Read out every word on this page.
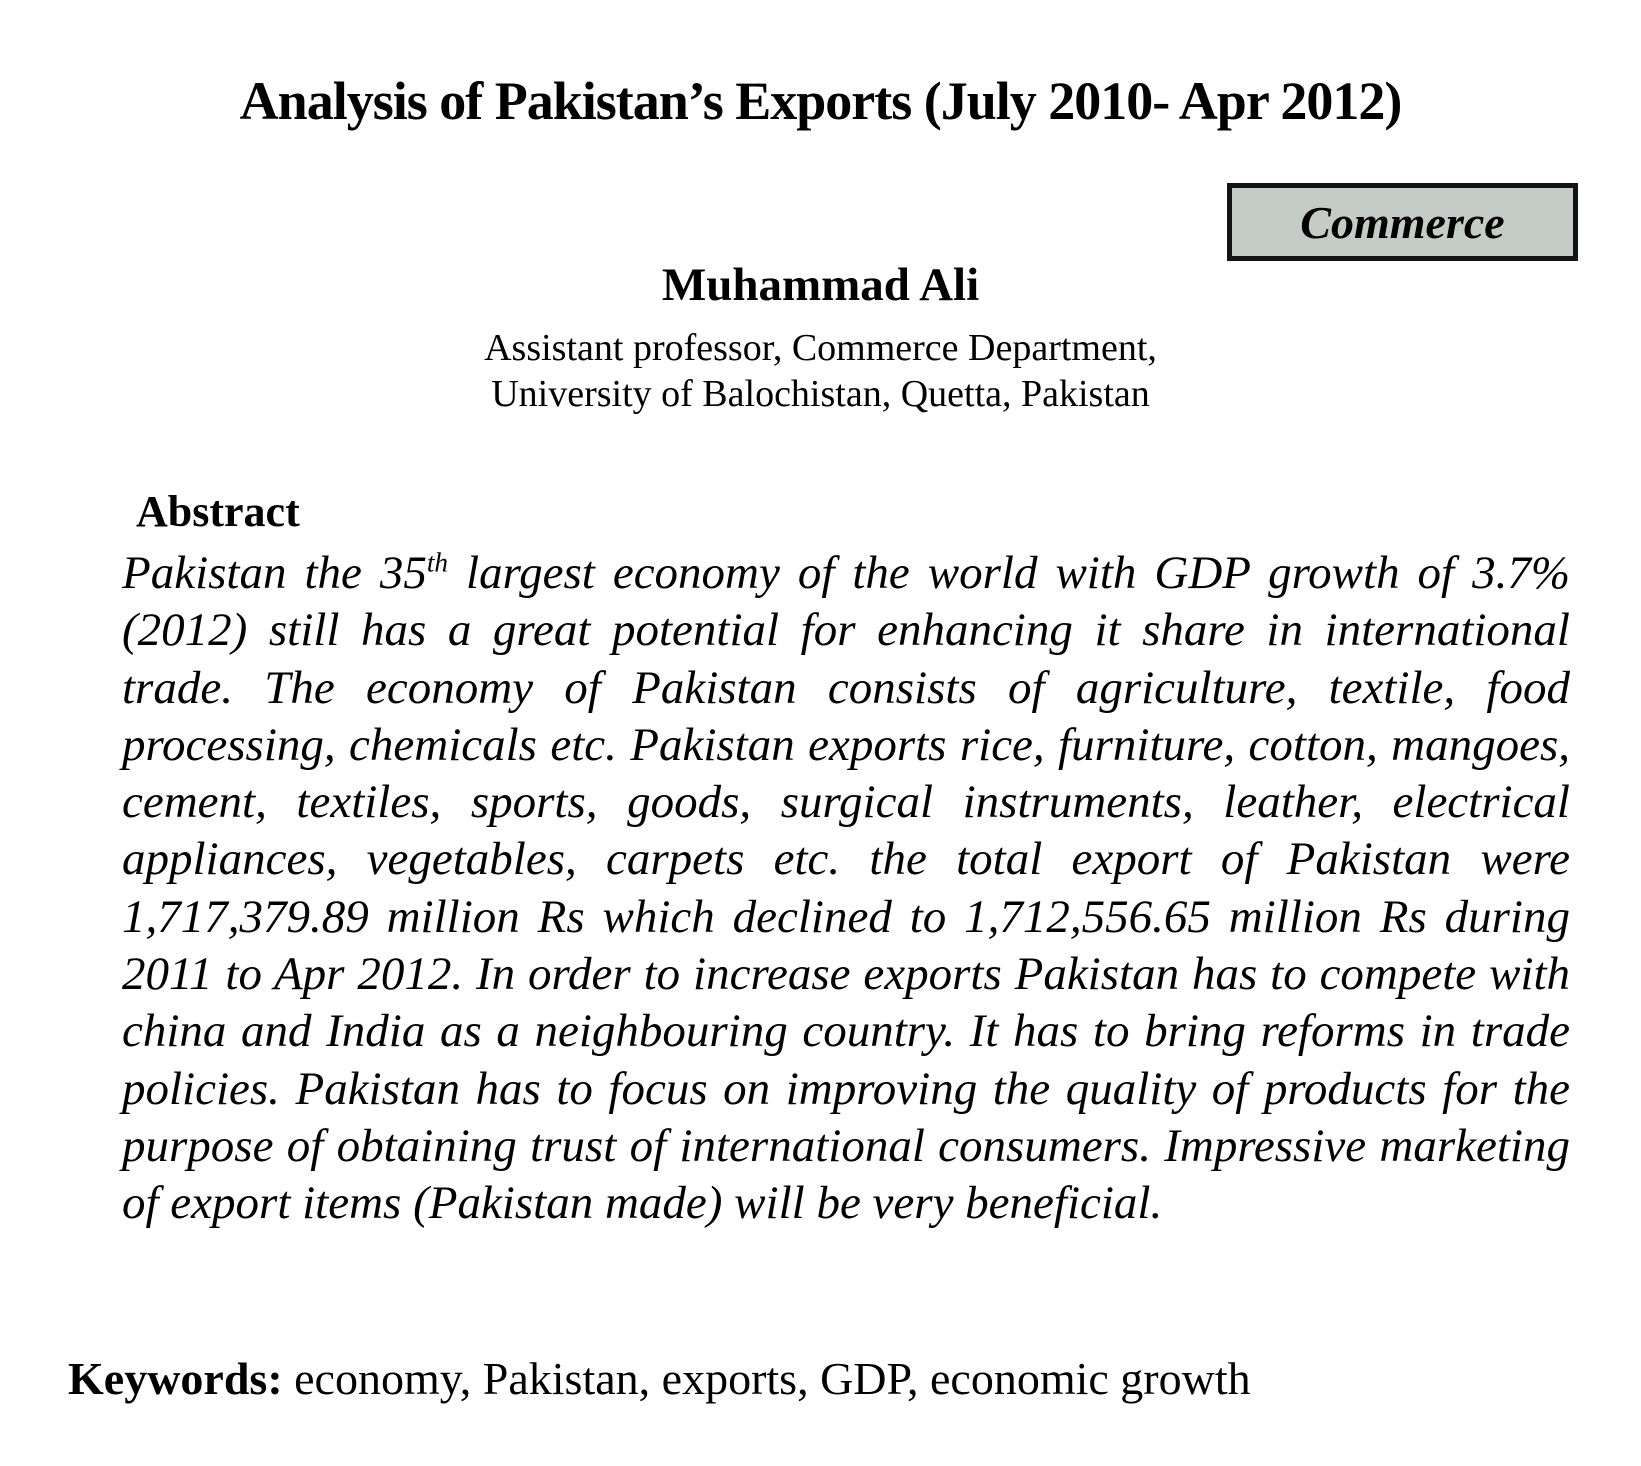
Analysis of Pakistan’s Exports (July 2010- Apr 2012)
Commerce
Muhammad Ali
Assistant professor, Commerce Department,
University of Balochistan, Quetta, Pakistan
Abstract

Pakistan the 35th largest economy of the world with GDP growth of 3.7% (2012) still has a great potential for enhancing it share in international trade. The economy of Pakistan consists of agriculture, textile, food processing, chemicals etc. Pakistan exports rice, furniture, cotton, mangoes, cement, textiles, sports, goods, surgical instruments, leather, electrical appliances, vegetables, carpets etc. the total export of Pakistan were 1,717,379.89 million Rs which declined to 1,712,556.65 million Rs during 2011 to Apr 2012. In order to increase exports Pakistan has to compete with china and India as a neighbouring country. It has to bring reforms in trade policies. Pakistan has to focus on improving the quality of products for the purpose of obtaining trust of international consumers. Impressive marketing of export items (Pakistan made) will be very beneficial.

Keywords: economy, Pakistan, exports, GDP, economic growth
